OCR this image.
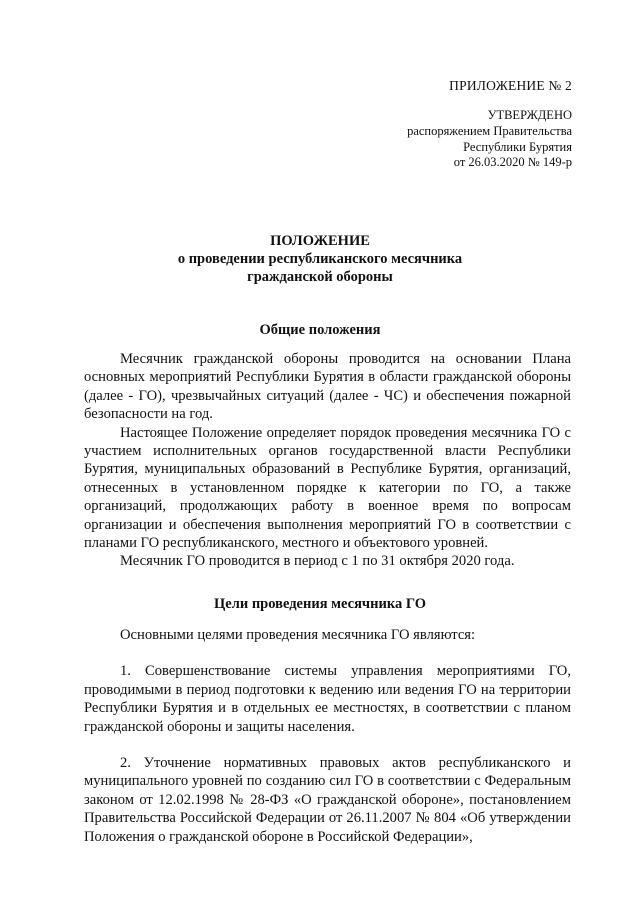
ПРИЛОЖЕНИЕ № 2
УТВЕРЖДЕНО
распоряжением Правительства
Республики Бурятия
от 26.03.2020 № 149-р
ПОЛОЖЕНИЕ
о проведении республиканского месячника
гражданской обороны
Общие положения

Месячник гражданской обороны проводится на основании Плана основных мероприятий Республики Бурятия в области гражданской обороны (далее - ГО), чрезвычайных ситуаций (далее - ЧС) и обеспечения пожарной безопасности на год.

Настоящее Положение определяет порядок проведения месячника ГО с участием исполнительных органов государственной власти Республики Бурятия, муниципальных образований в Республике Бурятия, организаций, отнесенных в установленном порядке к категории по ГО, а также организаций, продолжающих работу в военное время по вопросам организации и обеспечения выполнения мероприятий ГО в соответствии с планами ГО республиканского, местного и объектового уровней.

Месячник ГО проводится в период с 1 по 31 октября 2020 года.

Цели проведения месячника ГО

Основными целями проведения месячника ГО являются:

1. Совершенствование системы управления мероприятиями ГО, проводимыми в период подготовки к ведению или ведения ГО на территории Республики Бурятия и в отдельных ее местностях, в соответствии с планом гражданской обороны и защиты населения.

2. Уточнение нормативных правовых актов республиканского и муниципального уровней по созданию сил ГО в соответствии с Федеральным законом от 12.02.1998 № 28-ФЗ «О гражданской обороне», постановлением Правительства Российской Федерации от 26.11.2007 № 804 «Об утверждении Положения о гражданской обороне в Российской Федерации»,
